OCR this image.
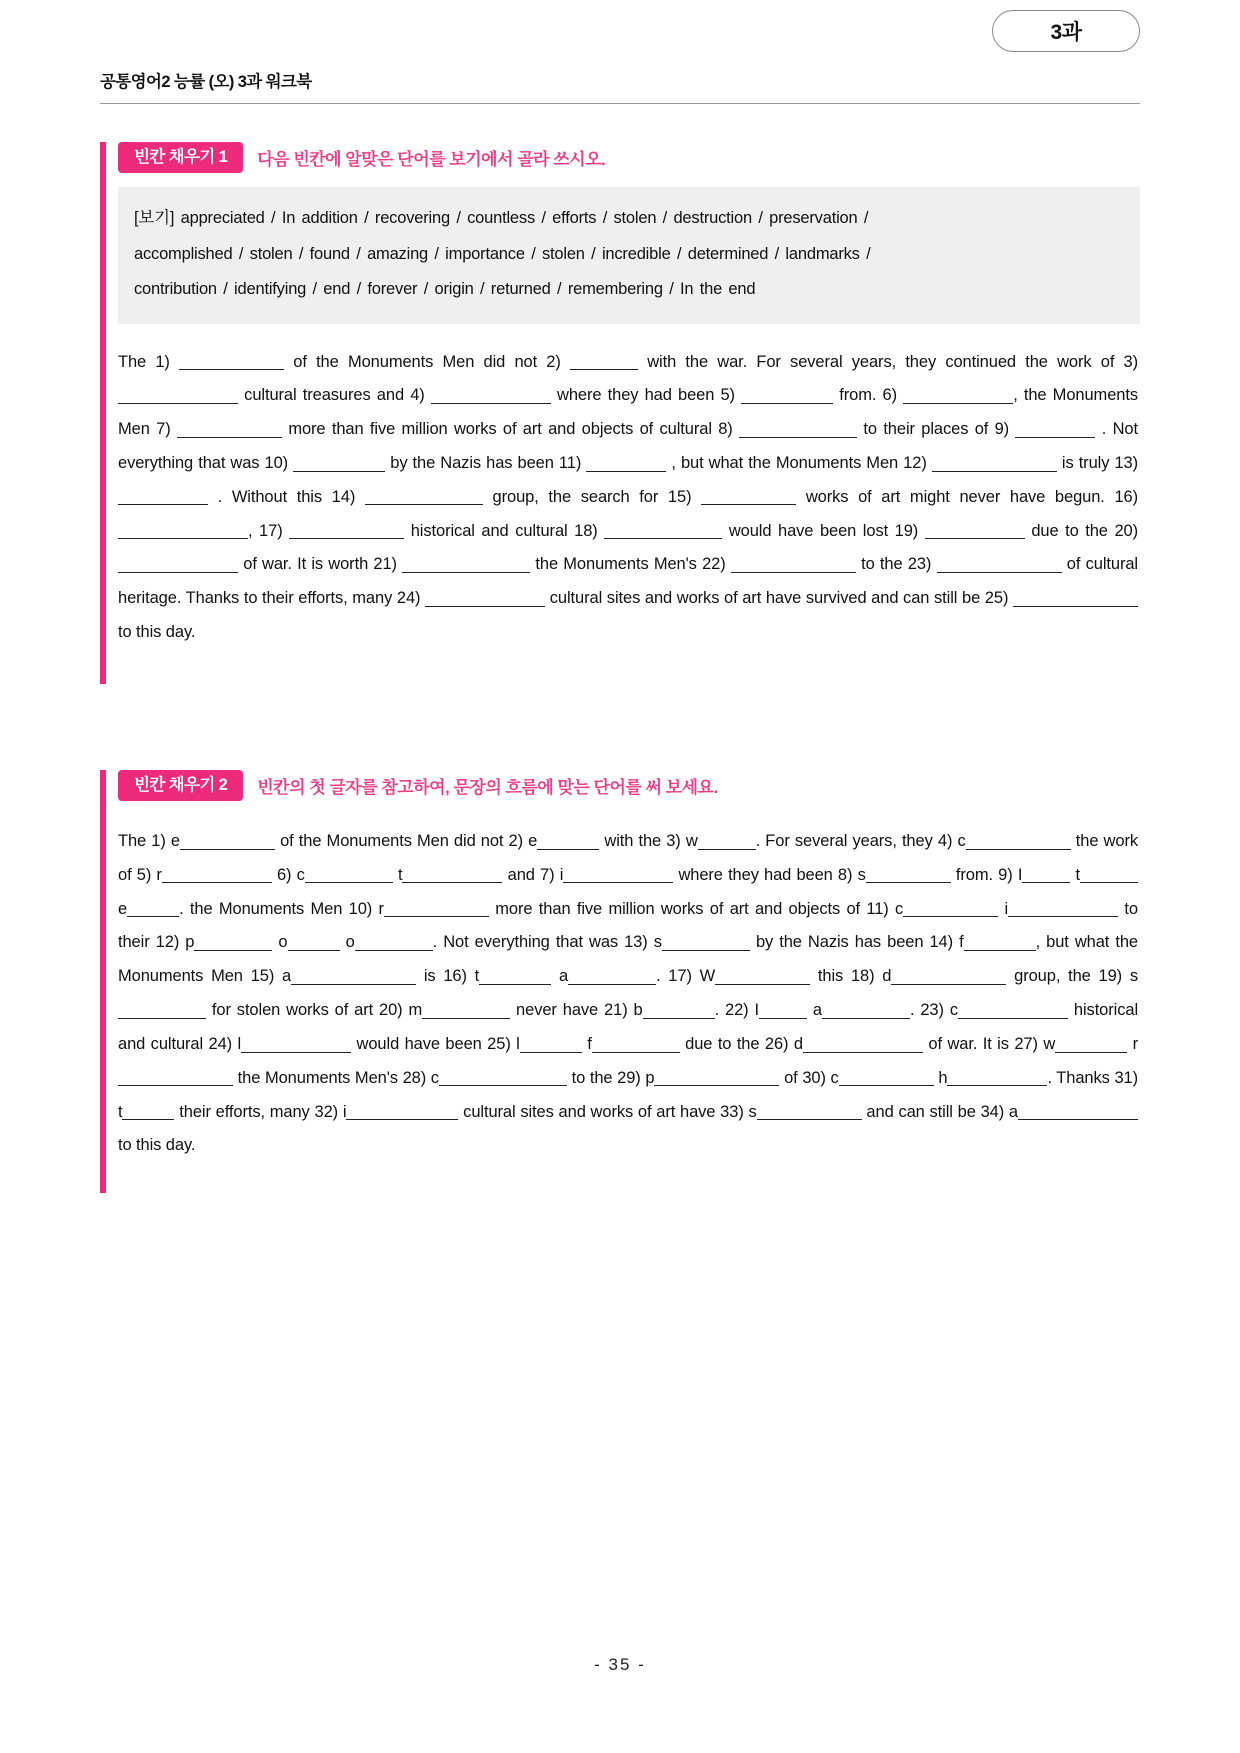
공통영어2 능률 (오) 3과 워크북
3과
빈칸 채우기 1	다음 빈칸에 알맞은 단어를 보기에서 골라 쓰시오.
[보기] appreciated / In addition / recovering / countless / efforts / stolen / destruction / preservation /
accomplished / stolen / found / amazing / importance / stolen / incredible / determined / landmarks /
contribution / identifying / end / forever / origin / returned / remembering / In the end
The 1)	of the Monuments Men did not 2)	with the war. For several years, they continued the work of 3)  cultural treasures and 4)	where they had been 5)	from. 6)	, the Monuments Men 7)	more than five million works of art and objects of cultural 8)	to their places of 9)	. Not everything that was 10)	by the Nazis has been 11)	, but what the Monuments Men 12)	is truly 13)  . Without this 14)	group, the search for 15)	works of art might never have begun. 16) , 17)	historical and cultural 18)	would have been lost 19)	due to the 20)  of war. It is worth 21)	the Monuments Men's 22)	to the 23)	of cultural heritage. Thanks to their efforts, many 24)	cultural sites and works of art have survived and can still be 25)  to this day.
빈칸 채우기 2	빈칸의 첫 글자를 참고하여, 문장의 흐름에 맞는 단어를 써 보세요.
The 1) e	of the Monuments Men did not 2) e	with the 3) w	. For several years, they 4) c	the work of 5) r	6) c	t	and 7) i	where they had been 8) s	from. 9) I	t e	. the Monuments Men 10) r	more than five million works of art and objects of 11) c	i	to their 12) p	o	o	. Not everything that was 13) s	by the Nazis has been 14) f	, but what the Monuments Men 15) a	is 16) t	a	. 17) W	this 18) d	group, the 19) s for stolen works of art 20) m	never have 21) b	. 22) I	a	. 23) c	historical and cultural 24) l	would have been 25) l	f	due to the 26) d	of war. It is 27) w	r the Monuments Men's 28) c	to the 29) p	of 30) c	h	. Thanks 31) t	their efforts, many 32) i	cultural sites and works of art have 33) s	and can still be 34) a to this day.
- 35 -
